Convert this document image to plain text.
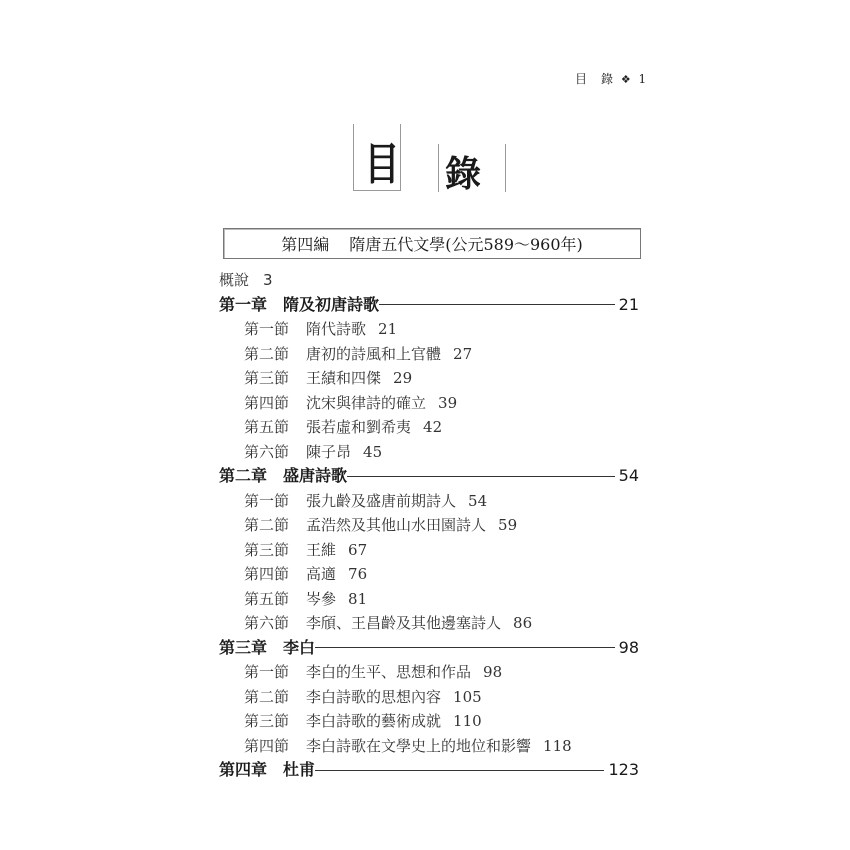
目　錄 ❖ 1
目 錄
第四編 隋唐五代文學(公元589～960年)
概說 3
第一章 隋及初唐詩歌	21
第一節 隋代詩歌 21
第二節 唐初的詩風和上官體 27
第三節 王績和四傑 29
第四節 沈宋與律詩的確立 39
第五節 張若虛和劉希夷 42
第六節 陳子昂 45
第二章 盛唐詩歌	54
第一節 張九齡及盛唐前期詩人 54
第二節 孟浩然及其他山水田園詩人 59
第三節 王維 67
第四節 高適 76
第五節 岑參 81
第六節 李頎、王昌齡及其他邊塞詩人 86
第三章 李白	98
第一節 李白的生平、思想和作品 98
第二節 李白詩歌的思想內容 105
第三節 李白詩歌的藝術成就 110
第四節 李白詩歌在文學史上的地位和影響 118
第四章 杜甫	123
